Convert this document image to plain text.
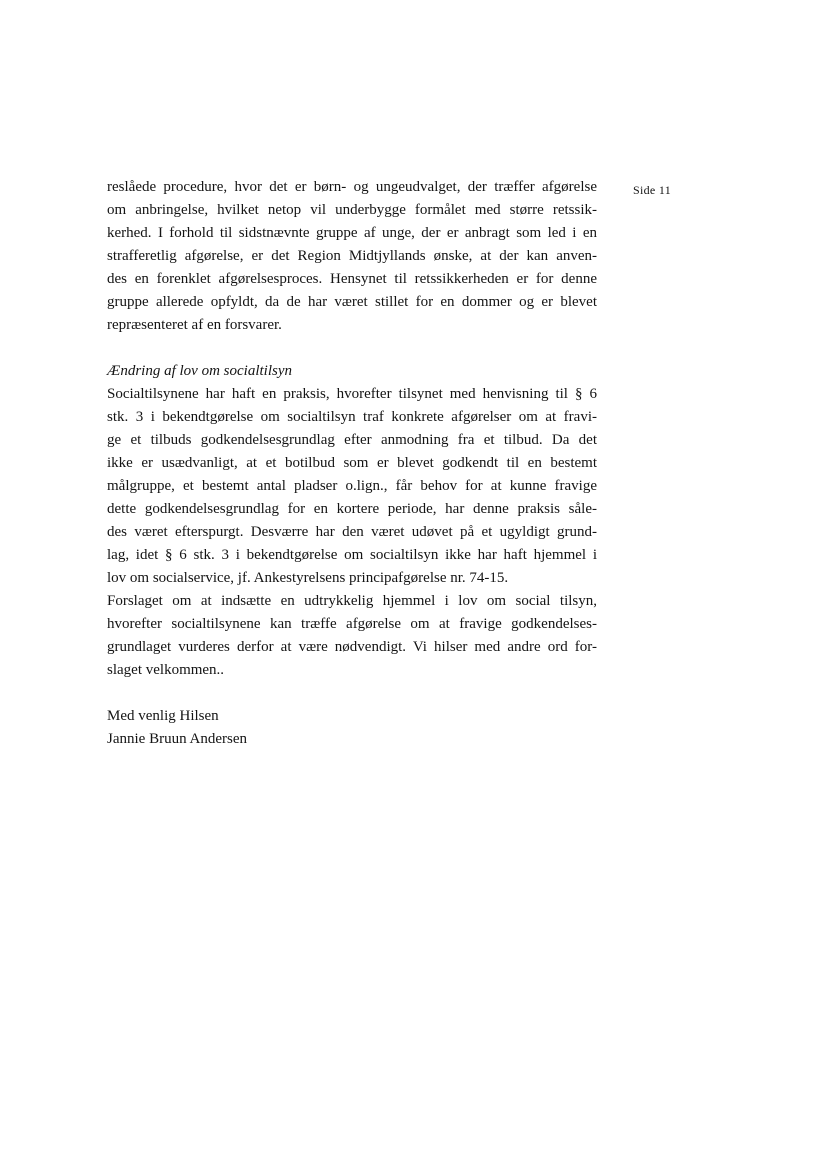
Side 11
reslåede procedure, hvor det er børn- og ungeudvalget, der træffer afgørelse
om anbringelse, hvilket netop vil underbygge formålet med større retssik-
kerhed. I forhold til sidstnævnte gruppe af unge, der er anbragt som led i en
strafferetlig afgørelse, er det Region Midtjyllands ønske, at der kan anven-
des en forenklet afgørelsesproces. Hensynet til retssikkerheden er for denne
gruppe allerede opfyldt, da de har været stillet for en dommer og er blevet
repræsenteret af en forsvarer.
Ændring af lov om socialtilsyn
Socialtilsynene har haft en praksis, hvorefter tilsynet med henvisning til § 6
stk. 3 i bekendtgørelse om socialtilsyn traf konkrete afgørelser om at fravi-
ge et tilbuds godkendelsesgrundlag efter anmodning fra et tilbud. Da det
ikke er usædvanligt, at et botilbud som er blevet godkendt til en bestemt
målgruppe, et bestemt antal pladser o.lign., får behov for at kunne fravige
dette godkendelsesgrundlag for en kortere periode, har denne praksis såle-
des været efterspurgt. Desværre har den været udøvet på et ugyldigt grund-
lag, idet § 6 stk. 3 i bekendtgørelse om socialtilsyn ikke har haft hjemmel i
lov om socialservice, jf. Ankestyrelsens principafgørelse nr. 74-15.
Forslaget om at indsætte en udtrykkelig hjemmel i lov om social tilsyn,
hvorefter socialtilsynene kan træffe afgørelse om at fravige godkendelses-
grundlaget vurderes derfor at være nødvendigt. Vi hilser med andre ord for-
slaget velkommen..
Med venlig Hilsen
Jannie Bruun Andersen
